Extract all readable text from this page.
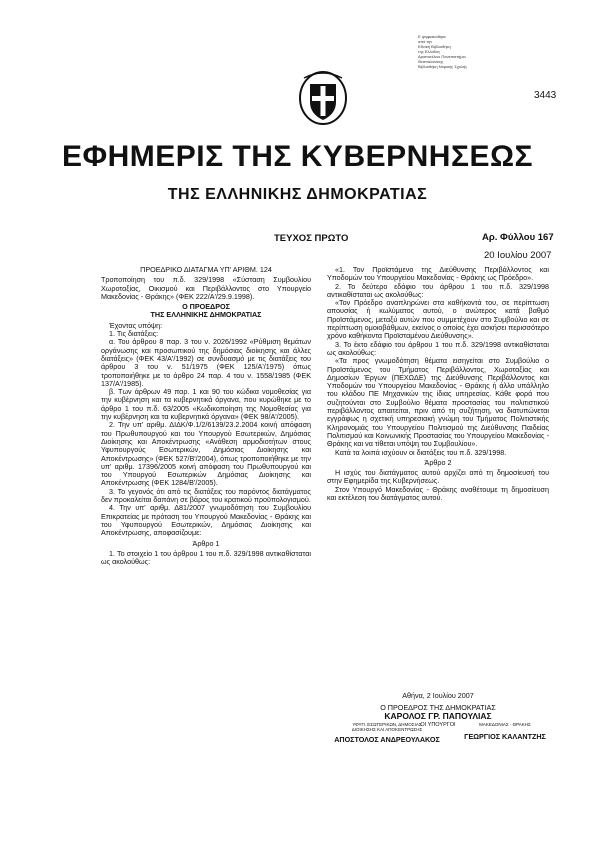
Ε ψηφιακώθηκε
από την
Εθνική Βιβλιοθήκη
της Ελλάδος
Αριστοτέλειο Πανεπιστήμιο
Θεσσαλονίκης
Βιβλιοθήκη Νομικής Σχολής
3443
ΕΦΗΜΕΡΙΣ ΤΗΣ ΚΥΒΕΡΝΗΣΕΩΣ
ΤΗΣ ΕΛΛΗΝΙΚΗΣ ΔΗΜΟΚΡΑΤΙΑΣ
ΤΕΥΧΟΣ ΠΡΩΤΟ	Αρ. Φύλλου 167
20 Ιουλίου 2007

ΠΡΟΕΔΡΙΚΟ ΔΙΑΤΑΓΜΑ ΥΠ' ΑΡΙΘΜ. 124

Τροποποίηση του π.δ. 329/1998 «Σύσταση Συμβουλίου Χωροταξίας, Οικισμού και Περιβάλλοντος στο Υπουργείο Μακεδονίας - Θράκης» (ΦΕΚ 222/Α'/29.9.1998).

Ο ΠΡΟΕΔΡΟΣ

ΤΗΣ ΕΛΛΗΝΙΚΗΣ ΔΗΜΟΚΡΑΤΙΑΣ

Έχοντας υπόψη:

1. Τις διατάξεις:

α. Του άρθρου 8 παρ. 3 του ν. 2026/1992 «Ρύθμιση θεμάτων οργάνωσης και προσωπικού της δημόσιας διοίκησης και άλλες διατάξεις» (ΦΕΚ 43/Α'/1992) σε συνδυασμό με τις διατάξεις του άρθρου 3 του ν. 51/1975 (ΦΕΚ 125/Α'/1975) όπως τροποποιήθηκε με το άρθρο 24 παρ. 4 του ν. 1558/1985 (ΦΕΚ 137/Α'/1985).

β. Των άρθρων 49 παρ. 1 και 90 του κώδικα νομοθεσίας για την κυβέρνηση και τα κυβερνητικά όργανα, που κυρώθηκε με το άρθρο 1 του π.δ. 63/2005 «Κωδικοποίηση της Νομοθεσίας για την κυβέρνηση και τα κυβερνητικά όργανα» (ΦΕΚ 98/Α'/2005).

2. Την υπ' αριθμ. ΔΙΔΚ/Φ.1/2/6139/23.2.2004 κοινή απόφαση του Πρωθυπουργού και του Υπουργού Εσωτερικών, Δημόσιας Διοίκησης και Αποκέντρωσης «Ανάθεση αρμοδιοτήτων στους Υφυπουργούς Εσωτερικών, Δημόσιας Διοίκησης και Αποκέντρωσης» (ΦΕΚ 527/Β'/2004), όπως τροποποιήθηκε με την υπ' αριθμ. 17396/2005 κοινή απόφαση του Πρωθυπουργού και του Υπουργού Εσωτερικών Δημόσιας Διοίκησης και Αποκέντρωσης (ΦΕΚ 1284/Β'/2005).

3. Το γεγονός ότι από τις διατάξεις του παρόντος διατάγματος δεν προκαλείται δαπάνη σε βάρος του κρατικού προϋπολογισμού.

4. Την υπ' αριθμ. Δ81/2007 γνωμοδότηση του Συμβουλίου Επικρατείας με πρόταση του Υπουργού Μακεδονίας - Θράκης και του Υφυπουργού Εσωτερικών, Δημόσιας Διοίκησης και Αποκέντρωσης, αποφασίζουμε:

Άρθρο 1

1. Το στοιχείο 1 του άρθρου 1 του π.δ. 329/1998 αντικαθίσταται ως ακολούθως:

«1. Τον Προϊστάμενο της Διεύθυνσης Περιβάλλοντος και Υποδομών του Υπουργείου Μακεδονίας - Θράκης ως Πρόεδρο».

2. Το δεύτερο εδάφιο του άρθρου 1 του π.δ. 329/1998 αντικαθίσταται ως ακολούθως:

«Τον Πρόεδρο αναπληρώνει στα καθήκοντά του, σε περίπτωση απουσίας ή κωλύματος αυτού, ο ανώτερος κατά βαθμό Προϊστάμενος, μεταξύ αυτών που συμμετέχουν στο Συμβούλιο και σε περίπτωση ομοιοβάθμων, εκείνος ο οποίος έχει ασκήσει περισσότερο χρόνο καθήκοντα Προϊσταμένου Διεύθυνσης».

3. Το έκτο εδάφιο του άρθρου 1 του π.δ. 329/1998 αντικαθίσταται ως ακολούθως:

«Τα προς γνωμοδότηση θέματα εισηγείται στο Συμβούλιο ο Προϊστάμενος του Τμήματος Περιβάλλοντος, Χωροταξίας και Δημοσίων Έργων (ΠΕΧΩΔΕ) της Διεύθυνσης Περιβάλλοντος και Υποδομών του Υπουργείου Μακεδονίας - Θράκης ή άλλο υπάλληλο του κλάδου ΠΕ Μηχανικών της ίδιας υπηρεσίας. Κάθε φορά που συζητούνται στο Συμβούλιο θέματα προστασίας του πολιτιστικού περιβάλλοντος απαιτείται, πριν από τη συζήτηση, να διατυπώνεται εγγράφως η σχετική υπηρεσιακή γνώμη του Τμήματος Πολιτιστικής Κληρονομιάς του Υπουργείου Πολιτισμού της Διεύθυνσης Παιδείας Πολιτισμού και Κοινωνικής Προστασίας του Υπουργείου Μακεδονίας - Θράκης και να τίθεται υπόψη του Συμβουλίου».

Κατά τα λοιπά ισχύουν οι διατάξεις του π.δ. 329/1998.

Άρθρο 2

Η ισχύς του διατάγματος αυτού αρχίζει από τη δημοσίευσή του στην Εφημερίδα της Κυβερνήσεως.

Στον Υπουργό Μακεδονίας - Θράκης αναθέτουμε τη δημοσίευση και εκτέλεση του διατάγματος αυτού.

Αθήνα, 2 Ιουλίου 2007
Ο ΠΡΟΕΔΡΟΣ ΤΗΣ ΔΗΜΟΚΡΑΤΙΑΣ
ΚΑΡΟΛΟΣ ΓΡ. ΠΑΠΟΥΛΙΑΣ
ΟΙ ΥΠΟΥΡΓΟΙ
ΥΦΥΠ. ΕΣΩΤΕΡΙΚΩΝ, ΔΗΜΟΣΙΑΣ ΔΙΟΙΚΗΣΗΣ ΚΑΙ ΑΠΟΚΕΝΤΡΩΣΗΣ
ΑΠΟΣΤΟΛΟΣ ΑΝΔΡΕΟΥΛΑΚΟΣ
ΜΑΚΕΔΟΝΙΑΣ - ΘΡΑΚΗΣ
ΓΕΩΡΓΙΟΣ ΚΑΛΑΝΤΖΗΣ
